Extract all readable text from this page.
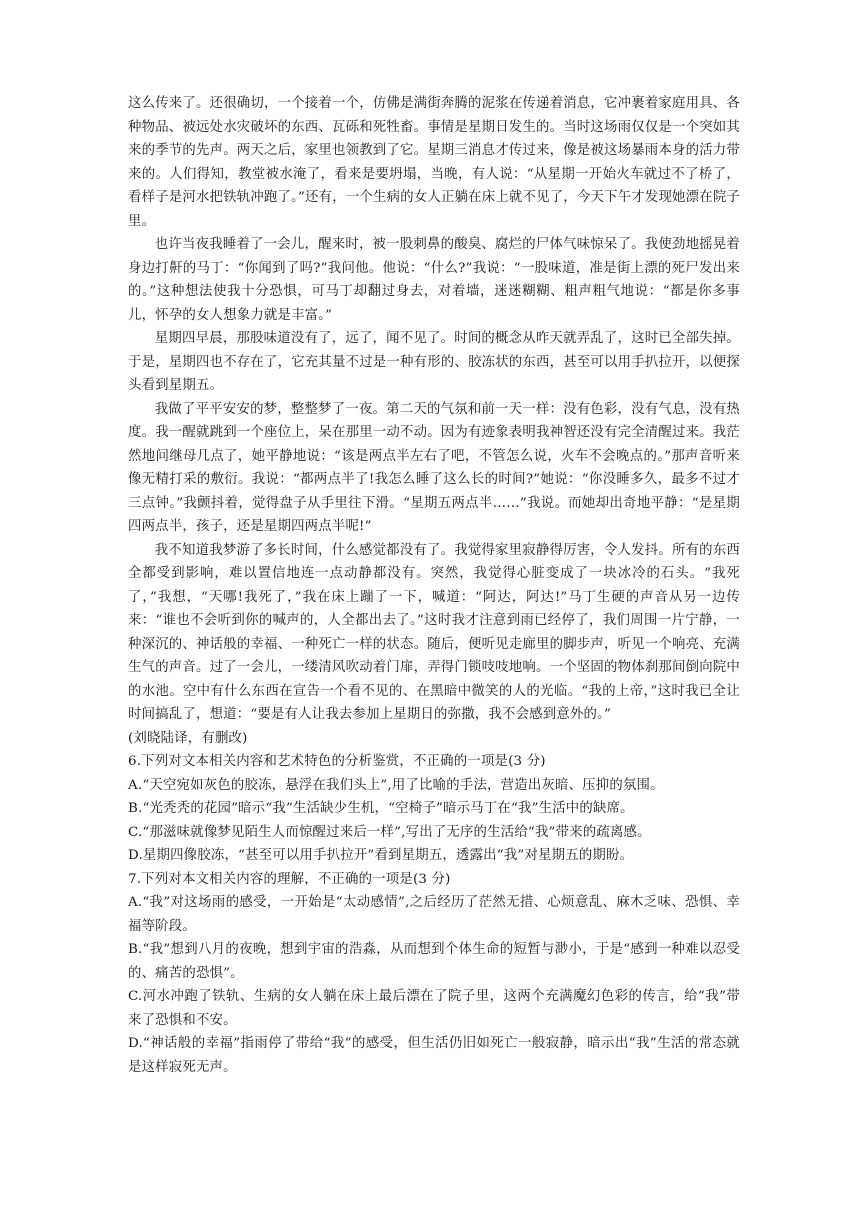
这么传来了。还很确切，一个接着一个，仿佛是满街奔腾的泥浆在传递着消息，它冲裹着家庭用具、各种物品、被远处水灾破坏的东西、瓦砾和死牲畜。事情是星期日发生的。当时这场雨仅仅是一个突如其来的季节的先声。两天之后，家里也领教到了它。星期三消息才传过来，像是被这场暴雨本身的活力带来的。人们得知，教堂被水淹了，看来是要坍塌，当晚，有人说：“从星期一开始火车就过不了桥了，看样子是河水把铁轨冲跑了。”还有，一个生病的女人正躺在床上就不见了，今天下午才发现她漂在院子里。

也许当夜我睡着了一会儿，醒来时，被一股刺鼻的酸臭、腐烂的尸体气味惊呆了。我使劲地摇晃着身边打鼾的马丁：“你闻到了吗?”我问他。他说：“什么?”我说：“一股味道，准是街上漂的死尸发出来的。”这种想法使我十分恐惧，可马丁却翻过身去，对着墙，迷迷糊糊、粗声粗气地说：“都是你多事儿，怀孕的女人想象力就是丰富。”

星期四早晨，那股味道没有了，远了，闻不见了。时间的概念从昨天就弄乱了，这时已全部失掉。于是，星期四也不存在了，它充其量不过是一种有形的、胶冻状的东西，甚至可以用手扒拉开，以便探头看到星期五。

我做了平平安安的梦，整整梦了一夜。第二天的气氛和前一天一样：没有色彩，没有气息，没有热度。我一醒就跳到一个座位上，呆在那里一动不动。因为有迹象表明我神智还没有完全清醒过来。我茫然地问继母几点了，她平静地说：“该是两点半左右了吧，不管怎么说，火车不会晚点的。”那声音听来像无精打采的敷衍。我说：“都两点半了!我怎么睡了这么长的时间?”她说：“你没睡多久，最多不过才三点钟。”我颤抖着，觉得盘子从手里往下滑。“星期五两点半……”我说。而她却出奇地平静：“是星期四两点半，孩子，还是星期四两点半呢!”

我不知道我梦游了多长时间，什么感觉都没有了。我觉得家里寂静得厉害，令人发抖。所有的东西全都受到影响，难以置信地连一点动静都没有。突然，我觉得心脏变成了一块冰冷的石头。“我死了，”我想，“天哪!我死了，”我在床上蹦了一下，喊道：“阿达，阿达!”马丁生硬的声音从另一边传来：“谁也不会听到你的喊声的，人全都出去了。”这时我才注意到雨已经停了，我们周围一片宁静，一种深沉的、神话般的幸福、一种死亡一样的状态。随后，便听见走廊里的脚步声，听见一个响亮、充满生气的声音。过了一会儿，一缕清风吹动着门扉，弄得门锁吱吱地响。一个坚固的物体刹那间倒向院中的水池。空中有什么东西在宣告一个看不见的、在黑暗中微笑的人的光临。“我的上帝，”这时我已全让时间搞乱了，想道：“要是有人让我去参加上星期日的弥撒，我不会感到意外的。”

(刘晓陆译，有删改)

6.下列对文本相关内容和艺术特色的分析鉴赏，不正确的一项是(3 分)

A.“天空宛如灰色的胶冻，悬浮在我们头上”,用了比喻的手法，营造出灰暗、压抑的氛围。

B.“光秃秃的花园”暗示“我”生活缺少生机，“空椅子”暗示马丁在“我”生活中的缺席。

C.“那滋味就像梦见陌生人而惊醒过来后一样”,写出了无序的生活给“我”带来的疏离感。

D.星期四像胶冻，“甚至可以用手扒拉开”看到星期五，透露出“我”对星期五的期盼。

7.下列对本文相关内容的理解，不正确的一项是(3 分)

A.“我”对这场雨的感受，一开始是“太动感情”,之后经历了茫然无措、心烦意乱、麻木乏味、恐惧、幸福等阶段。

B.“我”想到八月的夜晚，想到宇宙的浩淼，从而想到个体生命的短暂与渺小，于是“感到一种难以忍受的、痛苦的恐惧”。

C.河水冲跑了铁轨、生病的女人躺在床上最后漂在了院子里，这两个充满魔幻色彩的传言，给“我”带来了恐惧和不安。

D.“神话般的幸福”指雨停了带给“我”的感受，但生活仍旧如死亡一般寂静，暗示出“我”生活的常态就是这样寂死无声。
